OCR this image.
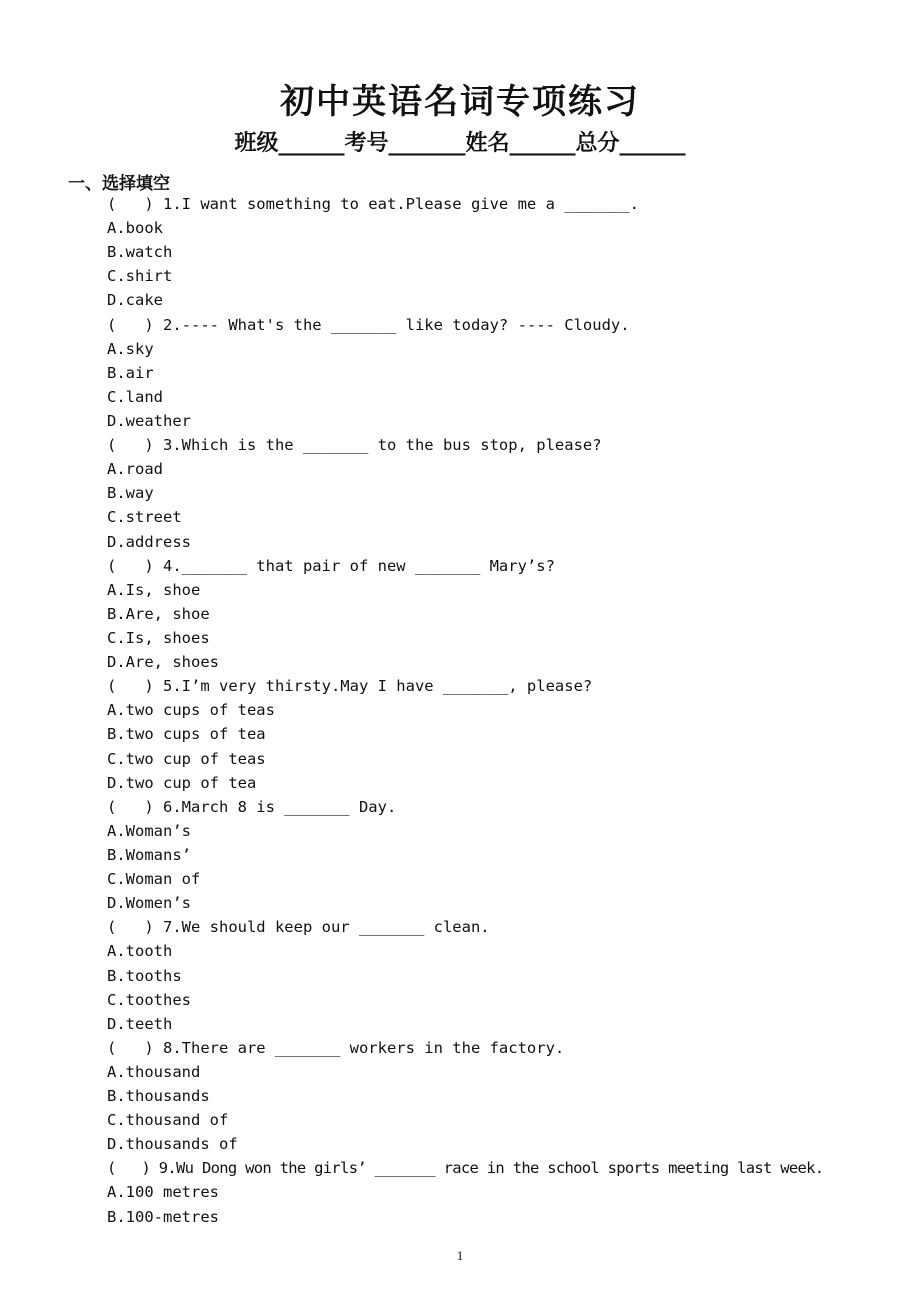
初中英语名词专项练习
班级______考号_______姓名______总分______
一、选择填空
(   ) 1.I want something to eat.Please give me a _______.
A.book
B.watch
C.shirt
D.cake
(   ) 2.---- What's the _______ like today? ---- Cloudy.
A.sky
B.air
C.land
D.weather
(   ) 3.Which is the _______ to the bus stop, please?
A.road
B.way
C.street
D.address
(   ) 4._______ that pair of new _______ Mary’s?
A.Is, shoe
B.Are, shoe
C.Is, shoes
D.Are, shoes
(   ) 5.I’m very thirsty.May I have _______, please?
A.two cups of teas
B.two cups of tea
C.two cup of teas
D.two cup of tea
(   ) 6.March 8 is _______ Day.
A.Woman’s
B.Womans’
C.Woman of
D.Women’s
(   ) 7.We should keep our _______ clean.
A.tooth
B.tooths
C.toothes
D.teeth
(   ) 8.There are _______ workers in the factory.
A.thousand
B.thousands
C.thousand of
D.thousands of
(   ) 9.Wu Dong won the girls’ _______ race in the school sports meeting last week.
A.100 metres
B.100-metres
1
